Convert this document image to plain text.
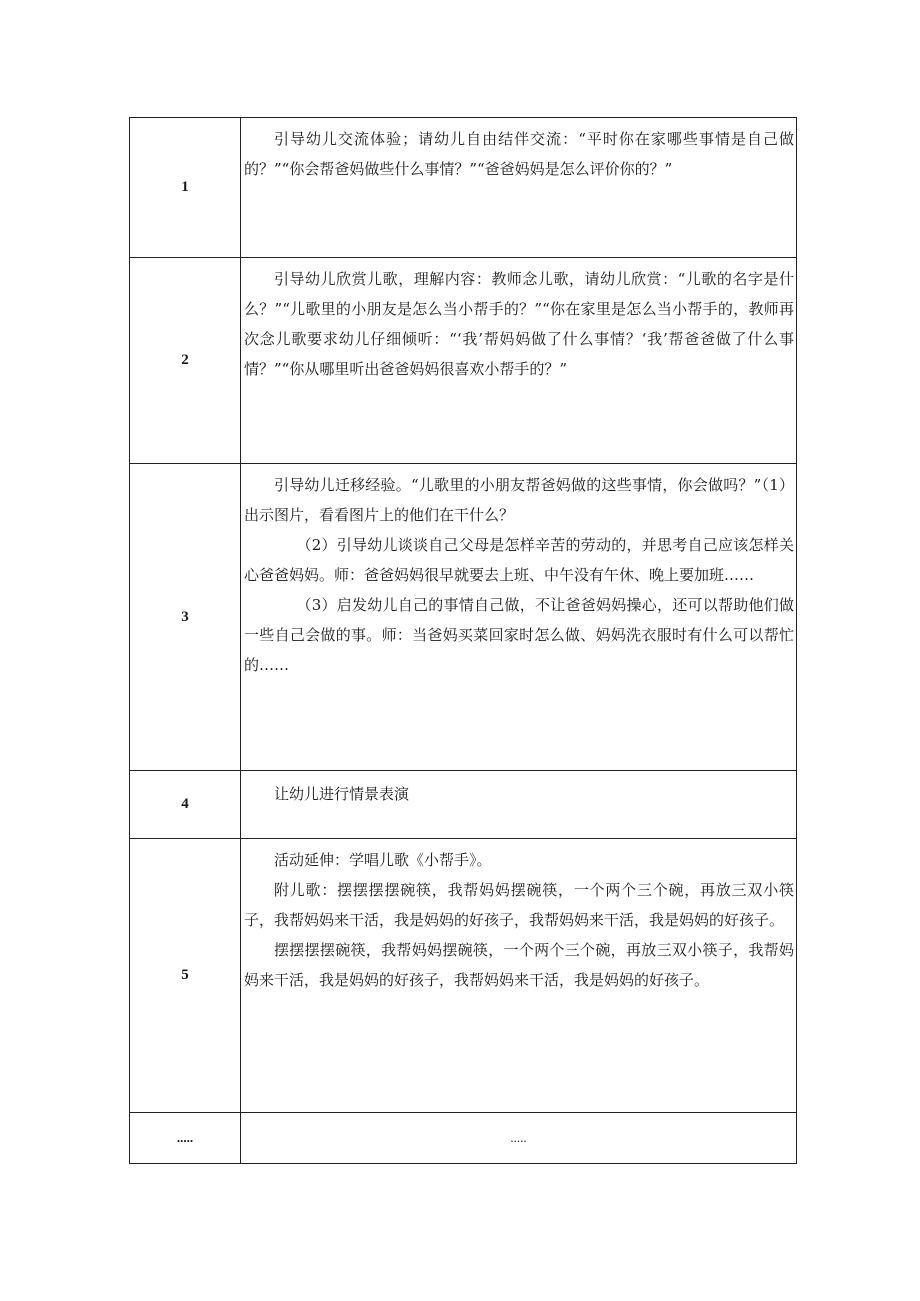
1	引导幼儿交流体验；请幼儿自由结伴交流：“平时你在家哪些事情是自己做的？”“你会帮爸妈做些什么事情？”“爸爸妈妈是怎么评价你的？”

2	引导幼儿欣赏儿歌，理解内容：教师念儿歌，请幼儿欣赏：“儿歌的名字是什么？”“儿歌里的小朋友是怎么当小帮手的？”“你在家里是怎么当小帮手的，教师再次念儿歌要求幼儿仔细倾听：“‘我’帮妈妈做了什么事情？‘我’帮爸爸做了什么事情？”“你从哪里听出爸爸妈妈很喜欢小帮手的？”

3	引导幼儿迁移经验。“儿歌里的小朋友帮爸妈做的这些事情，你会做吗？”（1）出示图片，看看图片上的他们在干什么？

（2）引导幼儿谈谈自己父母是怎样辛苦的劳动的，并思考自己应该怎样关心爸爸妈妈。师：爸爸妈妈很早就要去上班、中午没有午休、晚上要加班……

（3）启发幼儿自己的事情自己做，不让爸爸妈妈操心，还可以帮助他们做一些自己会做的事。师：当爸妈买菜回家时怎么做、妈妈洗衣服时有什么可以帮忙的……

4	让幼儿进行情景表演

5	活动延伸：学唱儿歌《小帮手》。

附儿歌：摆摆摆摆碗筷，我帮妈妈摆碗筷，一个两个三个碗，再放三双小筷子，我帮妈妈来干活，我是妈妈的好孩子，我帮妈妈来干活，我是妈妈的好孩子。

摆摆摆摆碗筷，我帮妈妈摆碗筷，一个两个三个碗，再放三双小筷子，我帮妈妈来干活，我是妈妈的好孩子，我帮妈妈来干活，我是妈妈的好孩子。

.....	.....
